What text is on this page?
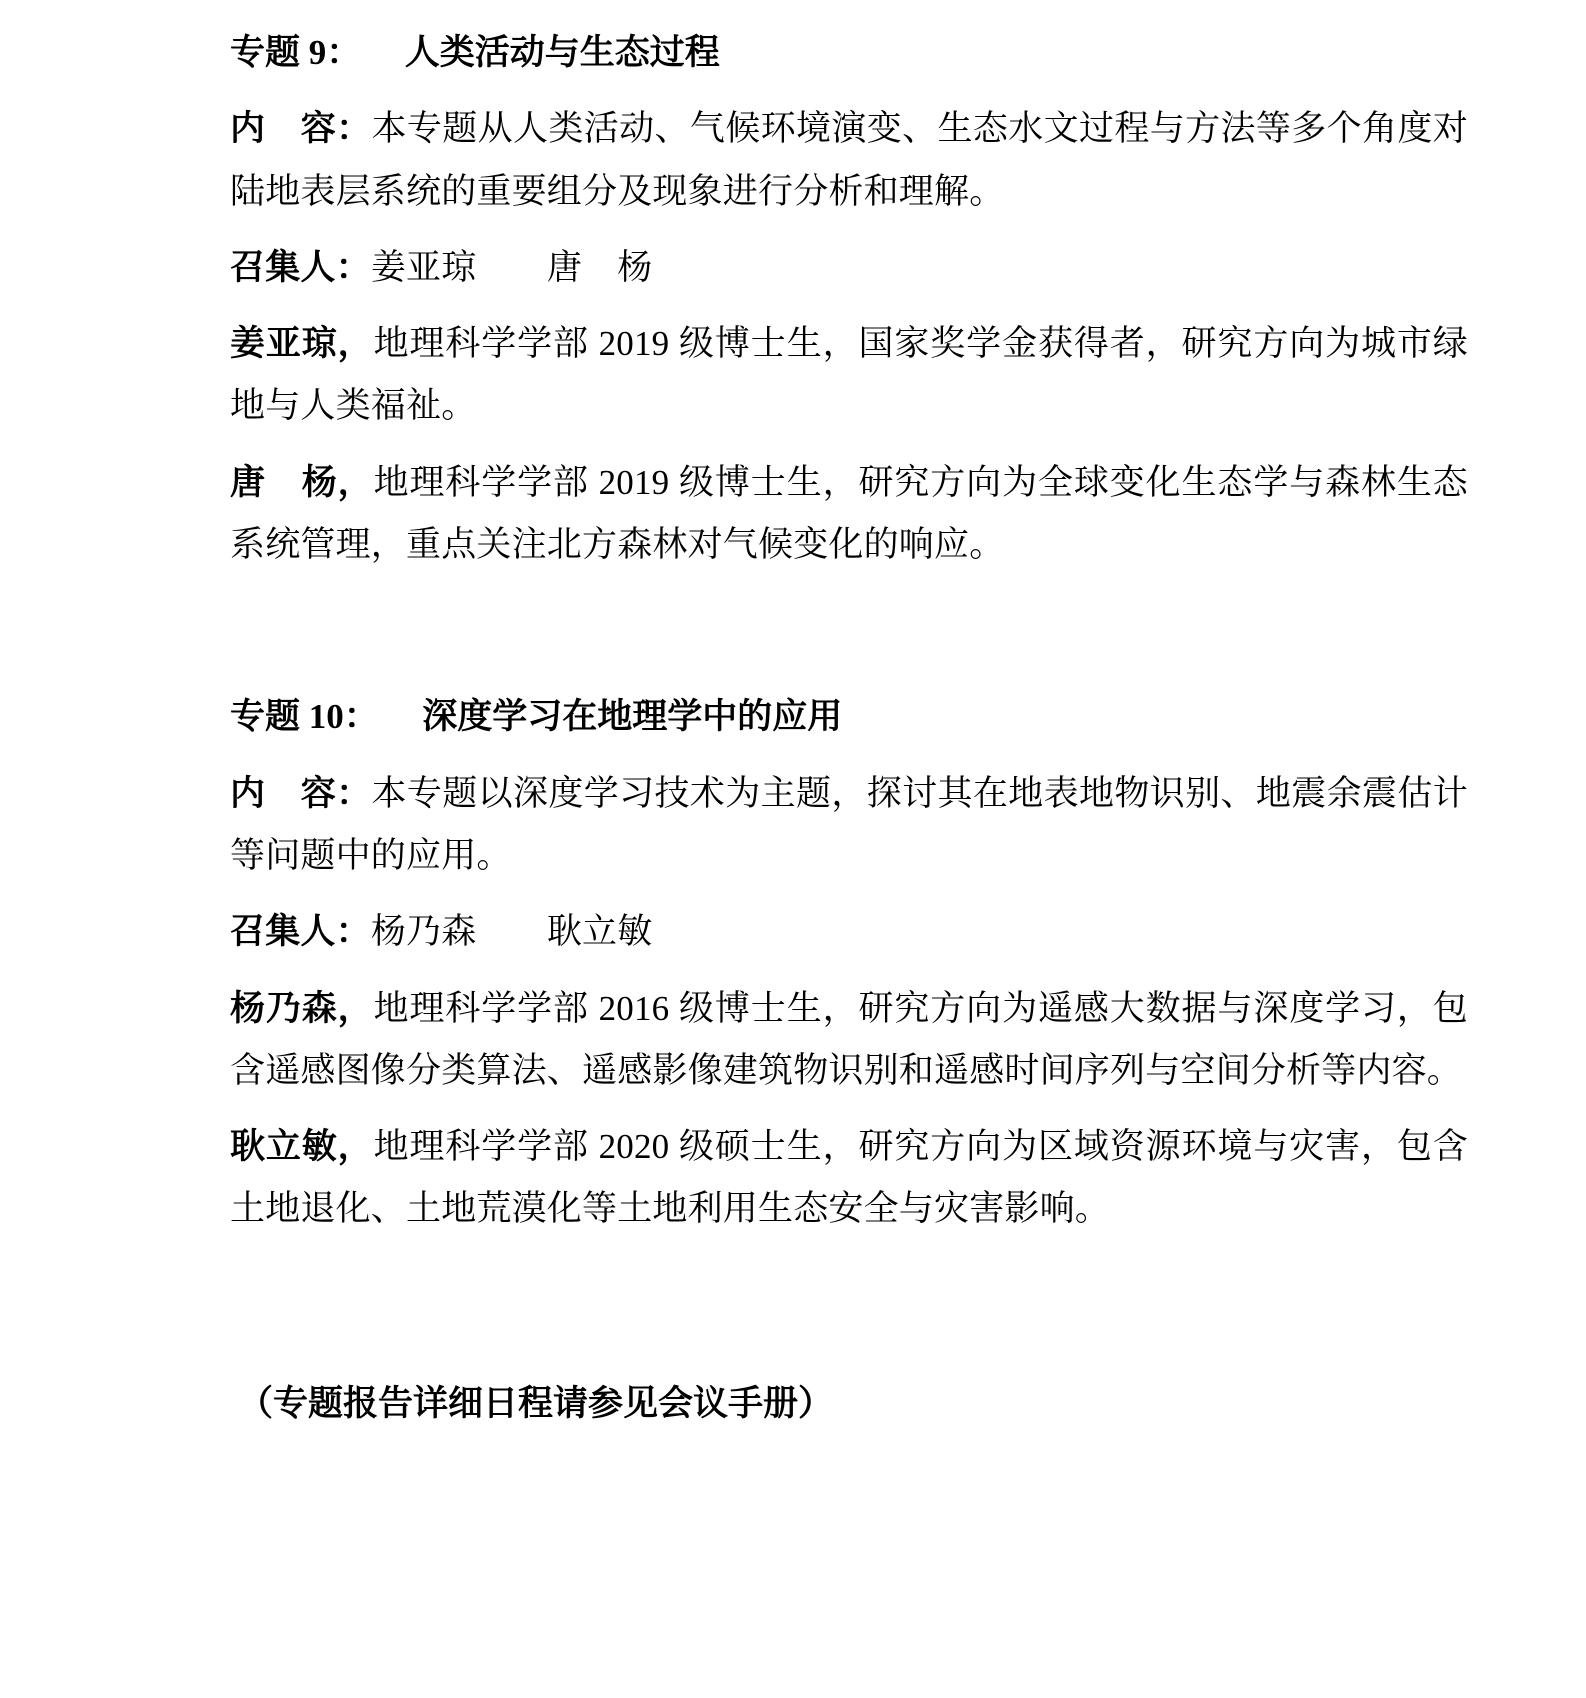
专题 9： 人类活动与生态过程

内　容：本专题从人类活动、气候环境演变、生态水文过程与方法等多个角度对陆地表层系统的重要组分及现象进行分析和理解。

召集人：姜亚琼　　唐　杨

姜亚琼，地理科学学部 2019 级博士生，国家奖学金获得者，研究方向为城市绿地与人类福祉。

唐　杨，地理科学学部 2019 级博士生，研究方向为全球变化生态学与森林生态系统管理，重点关注北方森林对气候变化的响应。

专题 10： 深度学习在地理学中的应用

内　容：本专题以深度学习技术为主题，探讨其在地表地物识别、地震余震估计等问题中的应用。

召集人：杨乃森　　耿立敏

杨乃森，地理科学学部 2016 级博士生，研究方向为遥感大数据与深度学习，包含遥感图像分类算法、遥感影像建筑物识别和遥感时间序列与空间分析等内容。

耿立敏，地理科学学部 2020 级硕士生，研究方向为区域资源环境与灾害，包含土地退化、土地荒漠化等土地利用生态安全与灾害影响。

（专题报告详细日程请参见会议手册）
